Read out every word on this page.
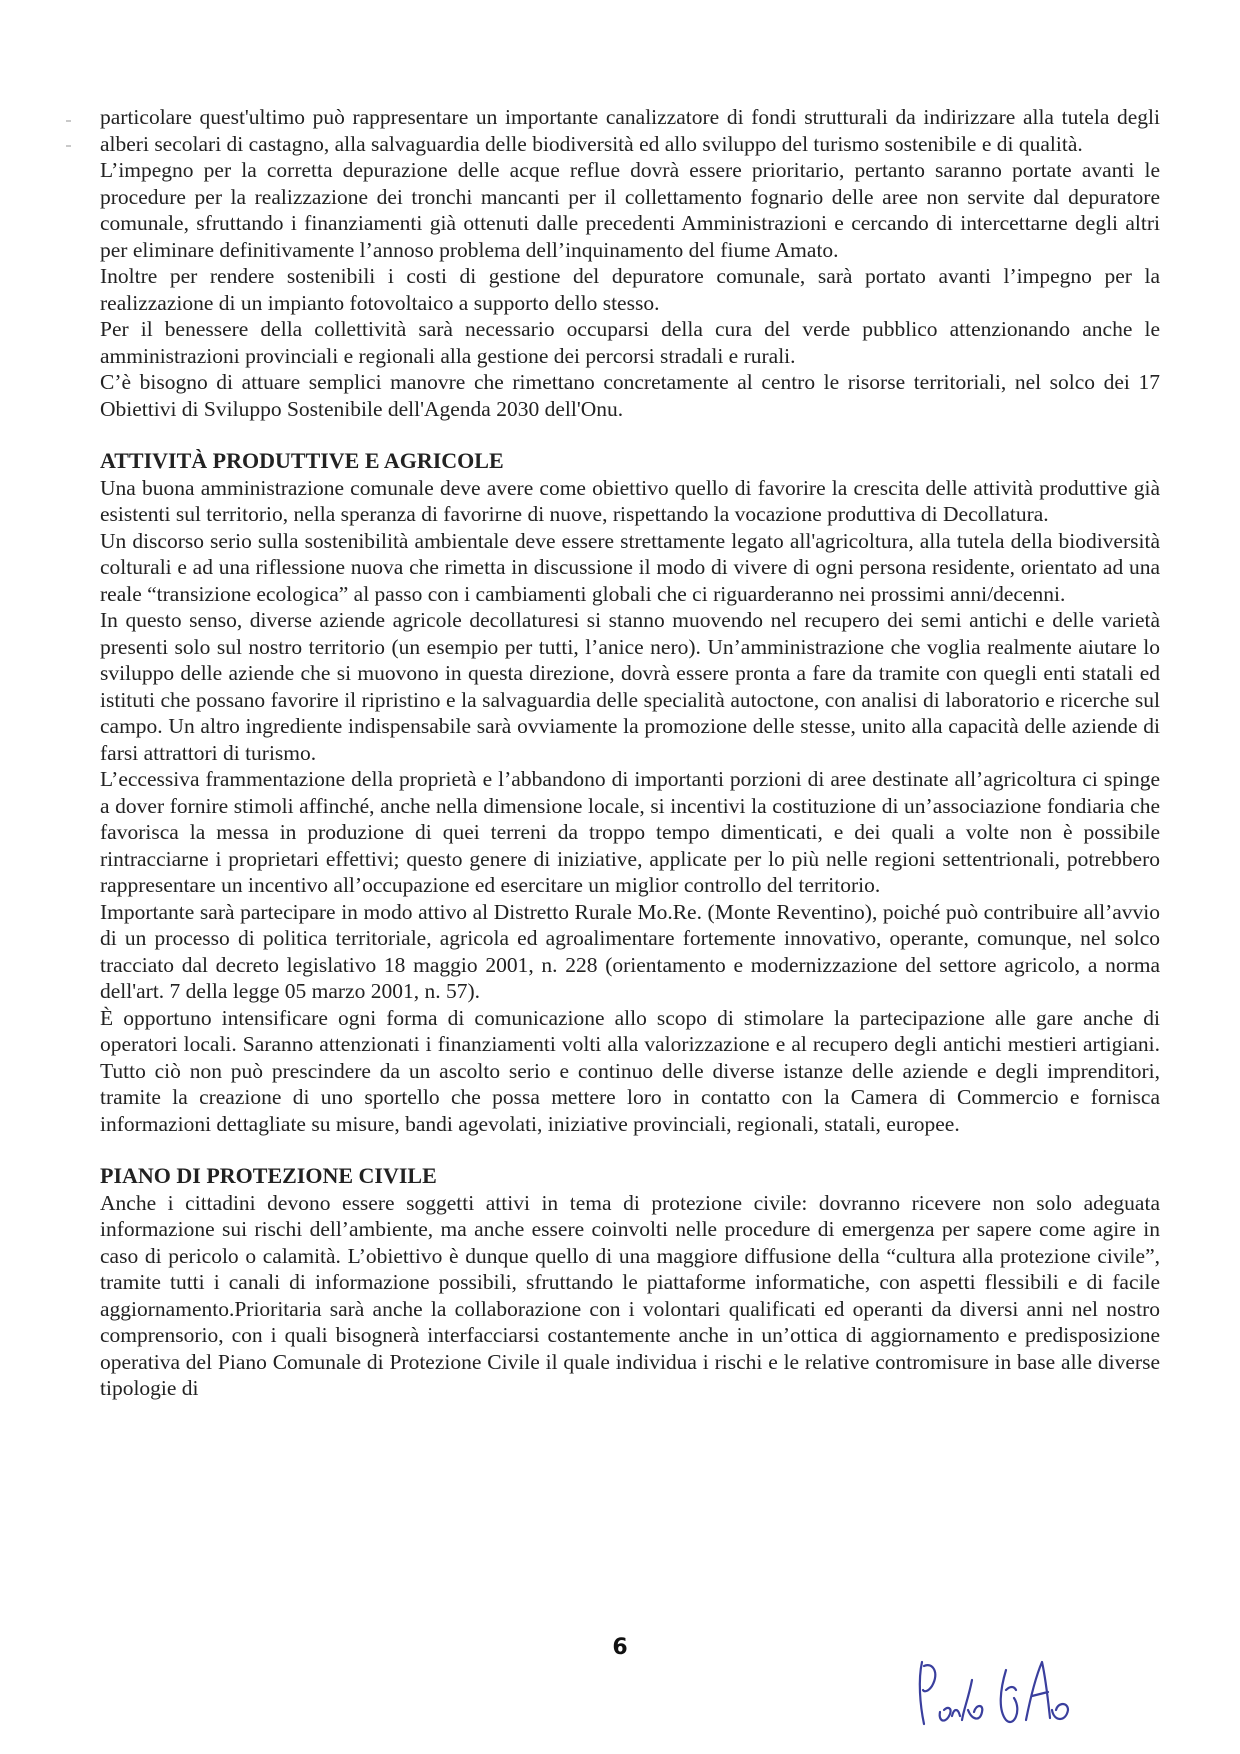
particolare quest'ultimo può rappresentare un importante canalizzatore di fondi strutturali da indirizzare alla tutela degli alberi secolari di castagno, alla salvaguardia delle biodiversità ed allo sviluppo del turismo sostenibile e di qualità.

L’impegno per la corretta depurazione delle acque reflue dovrà essere prioritario, pertanto saranno portate avanti le procedure per la realizzazione dei tronchi mancanti per il collettamento fognario delle aree non servite dal depuratore comunale, sfruttando i finanziamenti già ottenuti dalle precedenti Amministrazioni e cercando di intercettarne degli altri per eliminare definitivamente l’annoso problema dell’inquinamento del fiume Amato.

Inoltre per rendere sostenibili i costi di gestione del depuratore comunale, sarà portato avanti l’impegno per la realizzazione di un impianto fotovoltaico a supporto dello stesso.

Per il benessere della collettività sarà necessario occuparsi della cura del verde pubblico attenzionando anche le amministrazioni provinciali e regionali alla gestione dei percorsi stradali e rurali.

C’è bisogno di attuare semplici manovre che rimettano concretamente al centro le risorse territoriali, nel solco dei 17 Obiettivi di Sviluppo Sostenibile dell'Agenda 2030 dell'Onu.

ATTIVITÀ PRODUTTIVE E AGRICOLE

Una buona amministrazione comunale deve avere come obiettivo quello di favorire la crescita delle attività produttive già esistenti sul territorio, nella speranza di favorirne di nuove, rispettando la vocazione produttiva di Decollatura.

Un discorso serio sulla sostenibilità ambientale deve essere strettamente legato all'agricoltura, alla tutela della biodiversità colturali e ad una riflessione nuova che rimetta in discussione il modo di vivere di ogni persona residente, orientato ad una reale “transizione ecologica” al passo con i cambiamenti globali che ci riguarderanno nei prossimi anni/decenni.

In questo senso, diverse aziende agricole decollaturesi si stanno muovendo nel recupero dei semi antichi e delle varietà presenti solo sul nostro territorio (un esempio per tutti, l’anice nero). Un’amministrazione che voglia realmente aiutare lo sviluppo delle aziende che si muovono in questa direzione, dovrà essere pronta a fare da tramite con quegli enti statali ed istituti che possano favorire il ripristino e la salvaguardia delle specialità autoctone, con analisi di laboratorio e ricerche sul campo. Un altro ingrediente indispensabile sarà ovviamente la promozione delle stesse, unito alla capacità delle aziende di farsi attrattori di turismo.

L’eccessiva frammentazione della proprietà e l’abbandono di importanti porzioni di aree destinate all’agricoltura ci spinge a dover fornire stimoli affinché, anche nella dimensione locale, si incentivi la costituzione di un’associazione fondiaria che favorisca la messa in produzione di quei terreni da troppo tempo dimenticati, e dei quali a volte non è possibile rintracciarne i proprietari effettivi; questo genere di iniziative, applicate per lo più nelle regioni settentrionali, potrebbero rappresentare un incentivo all’occupazione ed esercitare un miglior controllo del territorio.

Importante sarà partecipare in modo attivo al Distretto Rurale Mo.Re. (Monte Reventino), poiché può contribuire all’avvio di un processo di politica territoriale, agricola ed agroalimentare fortemente innovativo, operante, comunque, nel solco tracciato dal decreto legislativo 18 maggio 2001, n. 228 (orientamento e modernizzazione del settore agricolo, a norma dell'art. 7 della legge 05 marzo 2001, n. 57).

È opportuno intensificare ogni forma di comunicazione allo scopo di stimolare la partecipazione alle gare anche di operatori locali. Saranno attenzionati i finanziamenti volti alla valorizzazione e al recupero degli antichi mestieri artigiani. Tutto ciò non può prescindere da un ascolto serio e continuo delle diverse istanze delle aziende e degli imprenditori, tramite la creazione di uno sportello che possa mettere loro in contatto con la Camera di Commercio e fornisca informazioni dettagliate su misure, bandi agevolati, iniziative provinciali, regionali, statali, europee.

PIANO DI PROTEZIONE CIVILE

Anche i cittadini devono essere soggetti attivi in tema di protezione civile: dovranno ricevere non solo adeguata informazione sui rischi dell’ambiente, ma anche essere coinvolti nelle procedure di emergenza per sapere come agire in caso di pericolo o calamità. L’obiettivo è dunque quello di una maggiore diffusione della “cultura alla protezione civile”, tramite tutti i canali di informazione possibili, sfruttando le piattaforme informatiche, con aspetti flessibili e di facile aggiornamento.Prioritaria sarà anche la collaborazione con i volontari qualificati ed operanti da diversi anni nel nostro comprensorio, con i quali bisognerà interfacciarsi costantemente anche in un’ottica di aggiornamento e predisposizione operativa del Piano Comunale di Protezione Civile il quale individua i rischi e le relative contromisure in base alle diverse tipologie di

6
